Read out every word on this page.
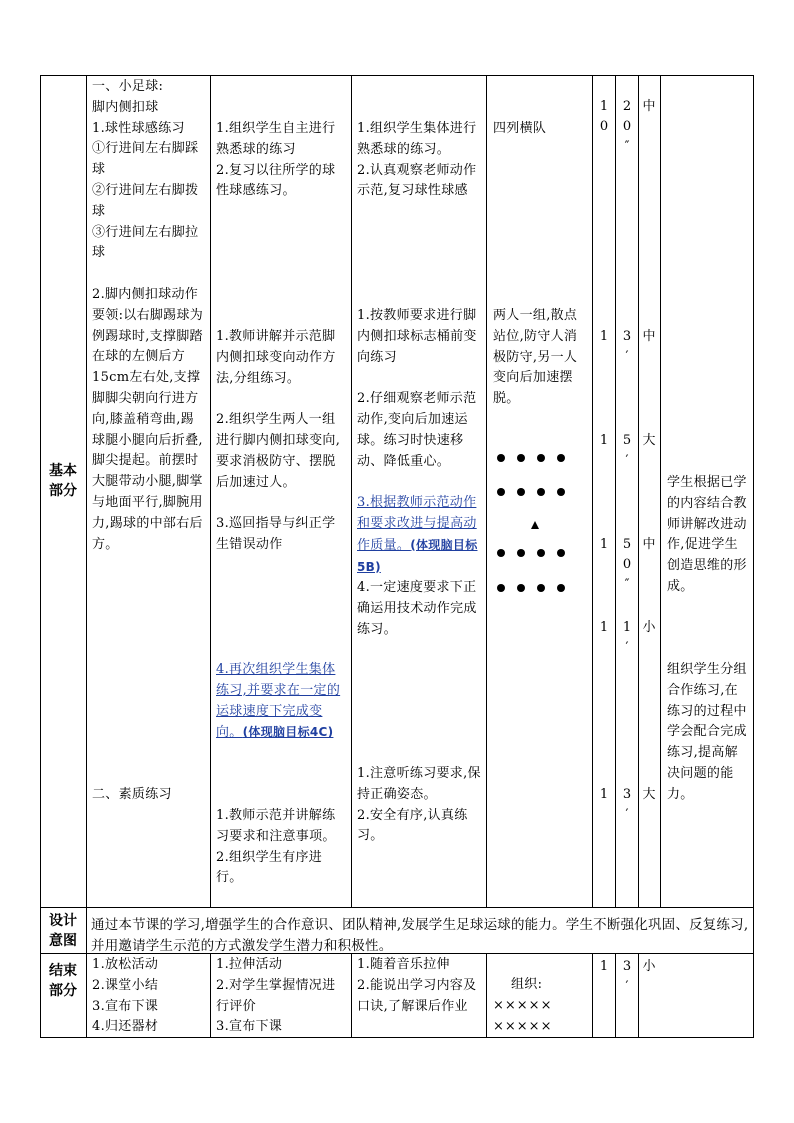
基本
部分
设计
意图
结束
部分

一、小足球:

脚内侧扣球

1.球性球感练习

①行进间左右脚踩球

②行进间左右脚拨球

③行进间左右脚拉球

2.脚内侧扣球动作要领:以右脚踢球为例踢球时,支撑脚踏在球的左侧后方15cm左右处,支撑脚脚尖朝向行进方向,膝盖稍弯曲,踢球腿小腿向后折叠,脚尖提起。前摆时大腿带动小腿,脚掌与地面平行,脚腕用力,踢球的中部右后方。

二、素质练习

1.组织学生自主进行熟悉球的练习

2.复习以往所学的球性球感练习。

1.教师讲解并示范脚内侧扣球变向动作方法,分组练习。

2.组织学生两人一组进行脚内侧扣球变向,要求消极防守、摆脱后加速过人。

3.巡回指导与纠正学生错误动作

4.再次组织学生集体练习,并要求在一定的运球速度下完成变向。(体现脑目标4C)

1.教师示范并讲解练习要求和注意事项。

2.组织学生有序进行。

1.组织学生集体进行熟悉球的练习。

2.认真观察老师动作示范,复习球性球感

1.按教师要求进行脚内侧扣球标志桶前变向练习

2.仔细观察老师示范动作,变向后加速运球。练习时快速移动、降低重心。

3.根据教师示范动作和要求改进与提高动作质量。(体现脑目标5B)

4.一定速度要求下正确运用技术动作完成练习。

1.注意听练习要求,保持正确姿态。

2.安全有序,认真练习。

四列横队
两人一组,散点站位,防守人消极防守,另一人变向后加速摆脱。
1
0
1
1
1
1
1
2
0
″
3
′
5
′
5
0
″
1
′
3
′
中
中
大
中
小
大
学生根据已学的内容结合教师讲解改进动作,促进学生创造思维的形成。
组织学生分组合作练习,在练习的过程中学会配合完成练习,提高解决问题的能力。
通过本节课的学习,增强学生的合作意识、团队精神,发展学生足球运球的能力。学生不断强化巩固、反复练习,并用邀请学生示范的方式激发学生潜力和积极性。

1.放松活动

2.课堂小结

3.宣布下课

4.归还器材

1.拉伸活动

2.对学生掌握情况进行评价

3.宣布下课

1.随着音乐拉伸

2.能说出学习内容及口诀,了解课后作业

组织:

×××××

×××××

1	3
′
小
